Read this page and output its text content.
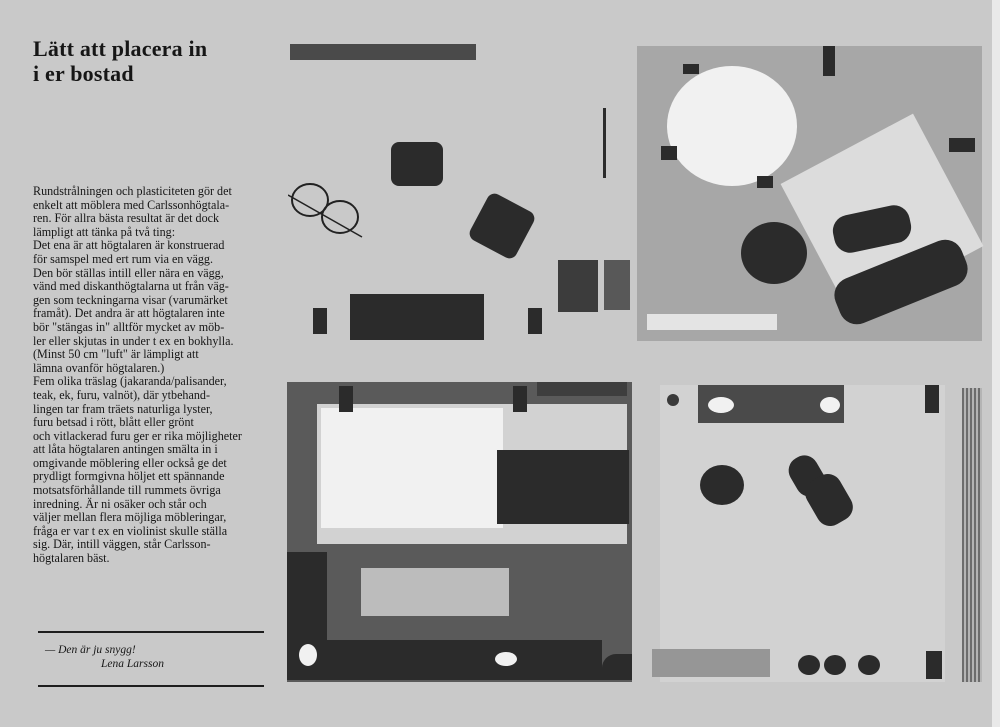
Lätt att placera in
i er bostad

Rundstrålningen och plasticiteten gör det
enkelt att möblera med Carlssonhögtala-
ren. För allra bästa resultat är det dock
lämpligt att tänka på två ting:
Det ena är att högtalaren är konstruerad
för samspel med ert rum via en vägg.
Den bör ställas intill eller nära en vägg,
vänd med diskanthögtalarna ut från väg-
gen som teckningarna visar (varumärket
framåt). Det andra är att högtalaren inte
bör "stängas in" alltför mycket av möb-
ler eller skjutas in under t ex en bokhylla.
(Minst 50 cm "luft" är lämpligt att
lämna ovanför högtalaren.)
Fem olika träslag (jakaranda/palisander,
teak, ek, furu, valnöt), där ytbehand-
lingen tar fram träets naturliga lyster,
furu betsad i rött, blått eller grönt
och vitlackerad furu ger er rika möjligheter
att låta högtalaren antingen smälta in i
omgivande möblering eller också ge det
prydligt formgivna höljet ett spännande
motsatsförhållande till rummets övriga
inredning. Är ni osäker och står och
väljer mellan flera möjliga möbleringar,
fråga er var t ex en violinist skulle ställa
sig. Där, intill väggen, står Carlsson-
högtalaren bäst.

— Den är ju snygg!

Lena Larsson
